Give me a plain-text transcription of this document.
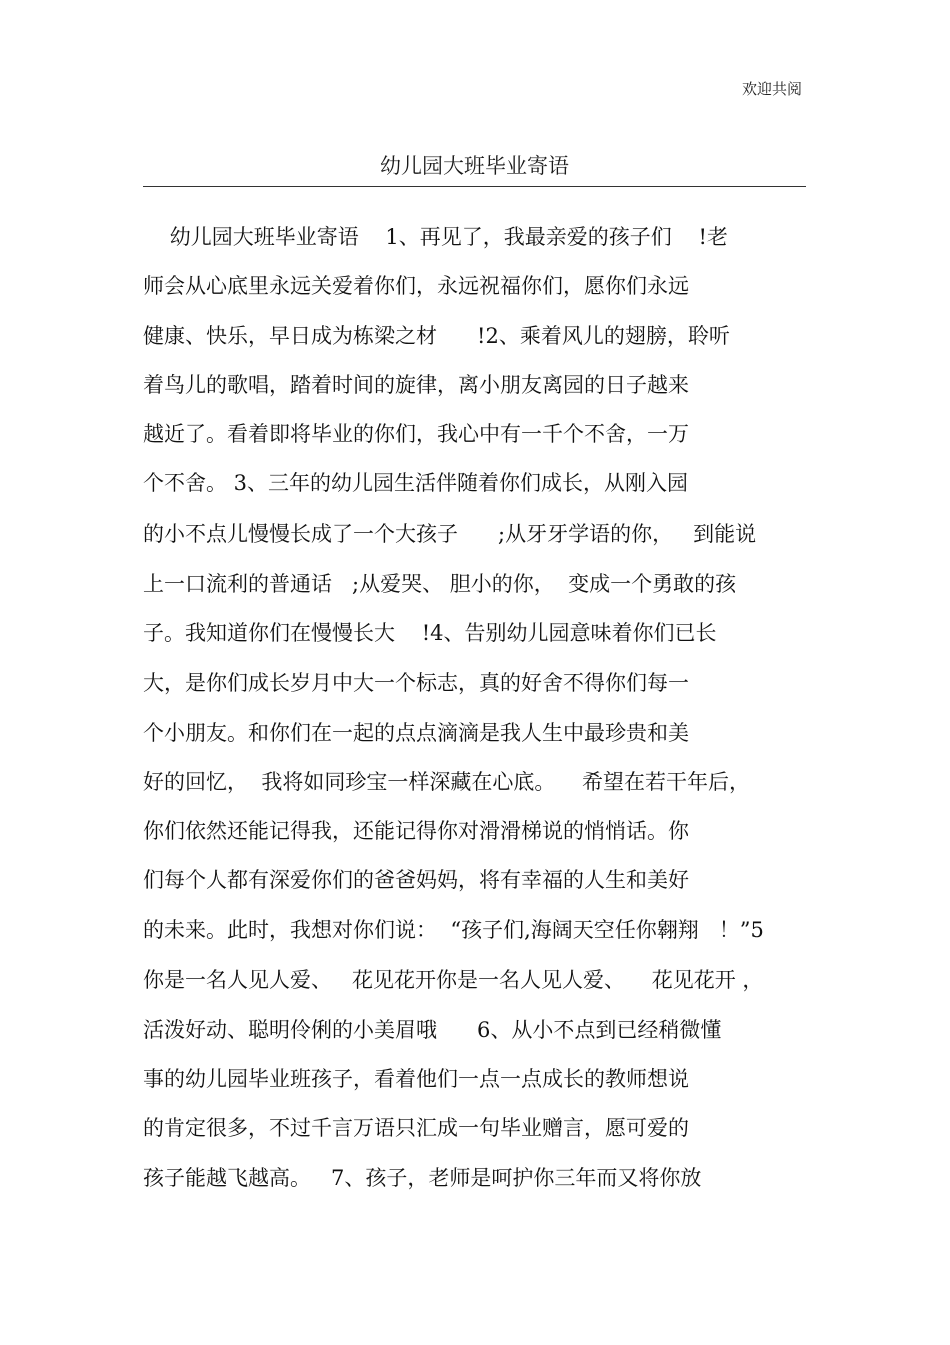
欢迎共阅
幼儿园大班毕业寄语
幼儿园大班毕业寄语    1、再见了，我最亲爱的孩子们    !老
师会从心底里永远关爱着你们，永远祝福你们，愿你们永远
健康、快乐，早日成为栋梁之材      !2、乘着风儿的翅膀，聆听
着鸟儿的歌唱，踏着时间的旋律，离小朋友离园的日子越来
越近了。看着即将毕业的你们，我心中有一千个不舍，一万
个不舍。 3、三年的幼儿园生活伴随着你们成长，从刚入园
的小不点儿慢慢长成了一个大孩子      ;从牙牙学语的你，   到能说
上一口流利的普通话   ;从爱哭、 胆小的你，  变成一个勇敢的孩
子。我知道你们在慢慢长大    !4、告别幼儿园意味着你们已长
大，是你们成长岁月中大一个标志，真的好舍不得你们每一
个小朋友。和你们在一起的点点滴滴是我人生中最珍贵和美
好的回忆，  我将如同珍宝一样深藏在心底。    希望在若干年后，
你们依然还能记得我，还能记得你对滑滑梯说的悄悄话。你
们每个人都有深爱你们的爸爸妈妈，将有幸福的人生和美好
的未来。此时，我想对你们说：  “孩子们,海阔天空任你翱翔   ！”5
你是一名人见人爱、   花见花开你是一名人见人爱、    花见花开 ，
活泼好动、聪明伶俐的小美眉哦      6、从小不点到已经稍微懂
事的幼儿园毕业班孩子，看着他们一点一点成长的教师想说
的肯定很多，不过千言万语只汇成一句毕业赠言，愿可爱的
孩子能越飞越高。   7、孩子，老师是呵护你三年而又将你放
